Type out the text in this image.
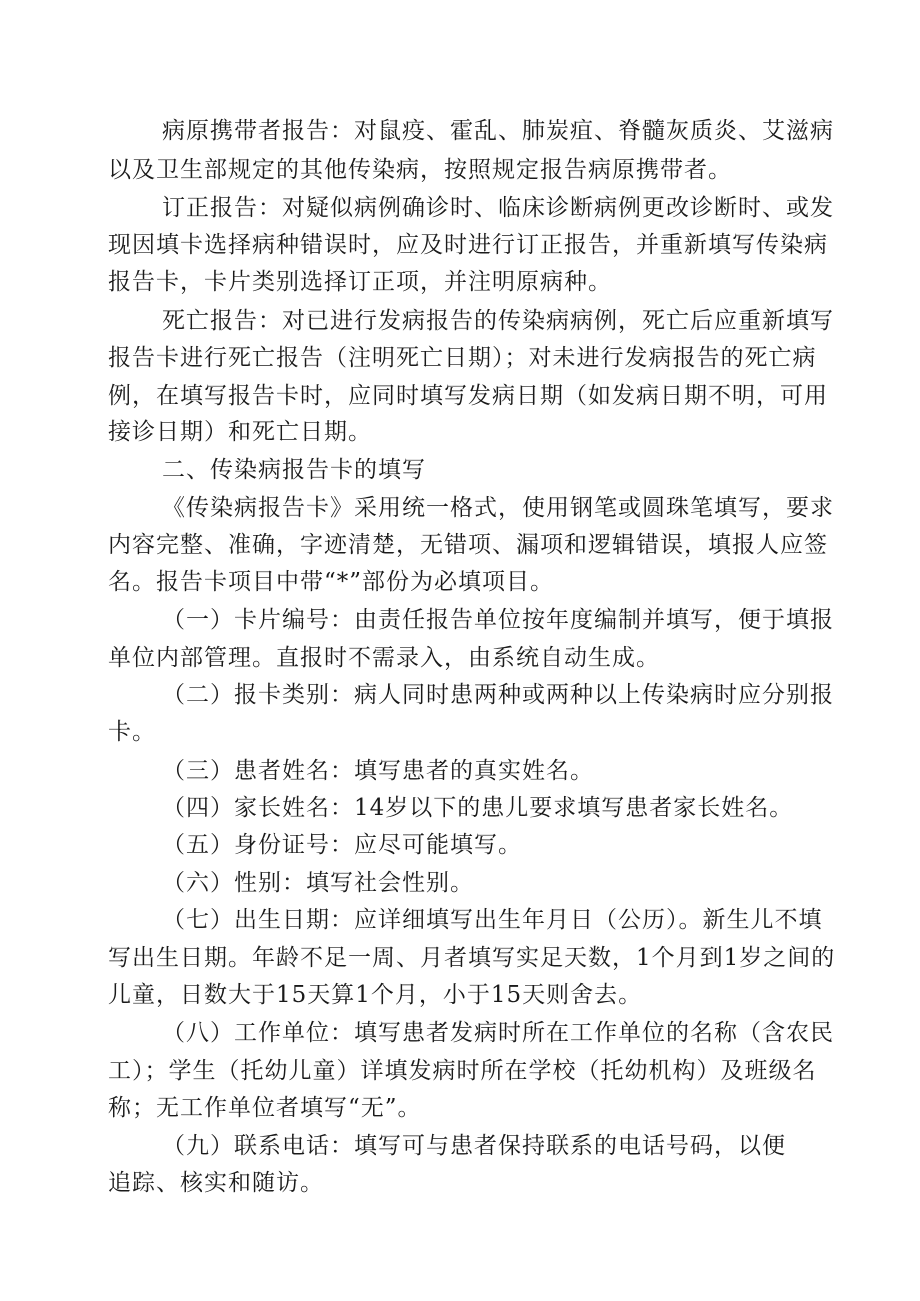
病原携带者报告：对鼠疫、霍乱、肺炭疽、脊髓灰质炎、艾滋病
以及卫生部规定的其他传染病，按照规定报告病原携带者。
订正报告：对疑似病例确诊时、临床诊断病例更改诊断时、或发
现因填卡选择病种错误时，应及时进行订正报告，并重新填写传染病
报告卡，卡片类别选择订正项，并注明原病种。
死亡报告：对已进行发病报告的传染病病例，死亡后应重新填写
报告卡进行死亡报告（注明死亡日期）；对未进行发病报告的死亡病
例，在填写报告卡时，应同时填写发病日期（如发病日期不明，可用
接诊日期）和死亡日期。
二、传染病报告卡的填写
《传染病报告卡》采用统一格式，使用钢笔或圆珠笔填写，要求
内容完整、准确，字迹清楚，无错项、漏项和逻辑错误，填报人应签
名。报告卡项目中带“*”部份为必填项目。
（一）卡片编号：由责任报告单位按年度编制并填写，便于填报
单位内部管理。直报时不需录入，由系统自动生成。
（二）报卡类别：病人同时患两种或两种以上传染病时应分别报
卡。
（三）患者姓名：填写患者的真实姓名。
（四）家长姓名：14岁以下的患儿要求填写患者家长姓名。
（五）身份证号：应尽可能填写。
（六）性别：填写社会性别。
（七）出生日期：应详细填写出生年月日（公历）。新生儿不填
写出生日期。年龄不足一周、月者填写实足天数，1个月到1岁之间的
儿童，日数大于15天算1个月，小于15天则舍去。
（八）工作单位：填写患者发病时所在工作单位的名称（含农民
工）；学生（托幼儿童）详填发病时所在学校（托幼机构）及班级名
称；无工作单位者填写“无”。
（九）联系电话：填写可与患者保持联系的电话号码，以便
追踪、核实和随访。
